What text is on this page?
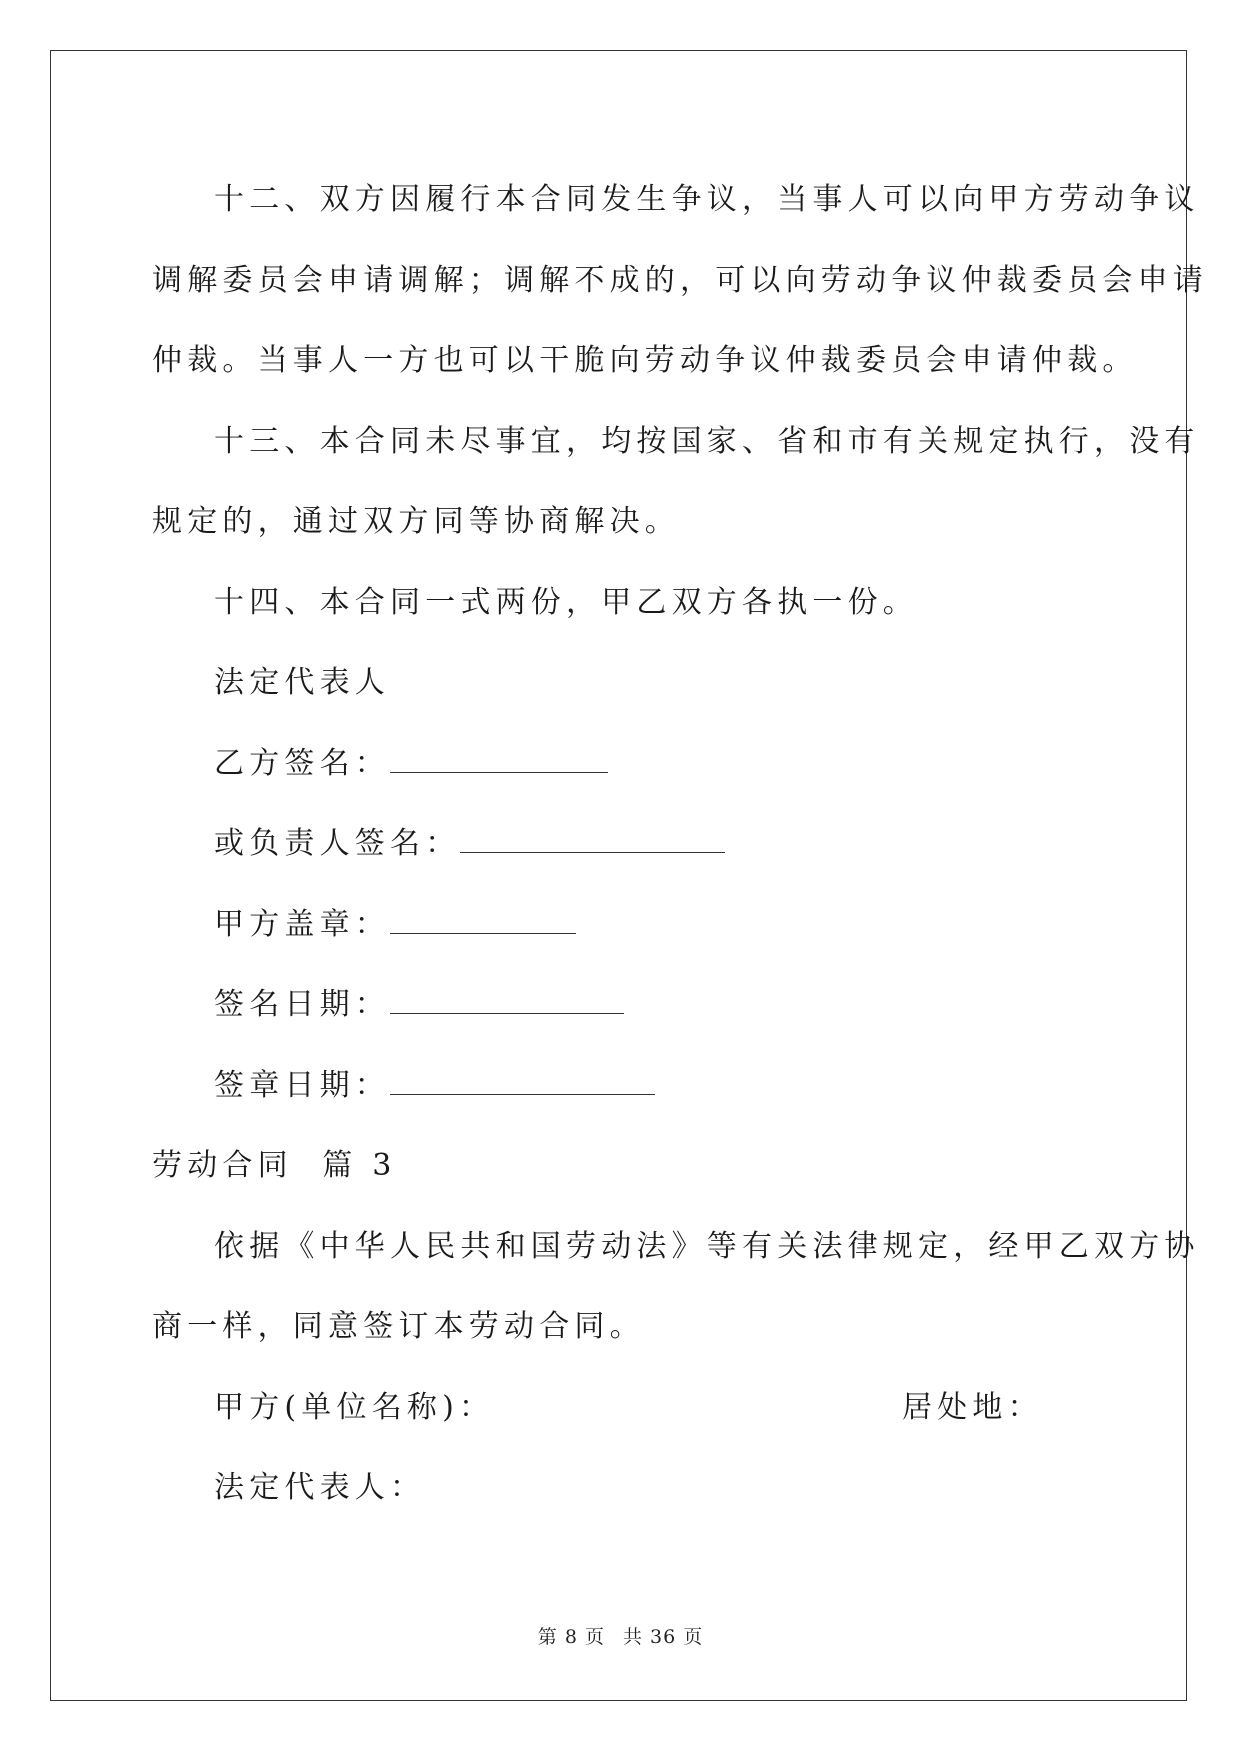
十二、双方因履行本合同发生争议，当事人可以向甲方劳动争议

调解委员会申请调解；调解不成的，可以向劳动争议仲裁委员会申请

仲裁。当事人一方也可以干脆向劳动争议仲裁委员会申请仲裁。

十三、本合同未尽事宜，均按国家、省和市有关规定执行，没有

规定的，通过双方同等协商解决。

十四、本合同一式两份，甲乙双方各执一份。

法定代表人

乙方签名：

或负责人签名：

甲方盖章：

签名日期：

签章日期：

劳动合同  篇 3

依据《中华人民共和国劳动法》等有关法律规定，经甲乙双方协

商一样，同意签订本劳动合同。

甲方(单位名称)：	居处地：

法定代表人：

第 8 页 共 36 页
